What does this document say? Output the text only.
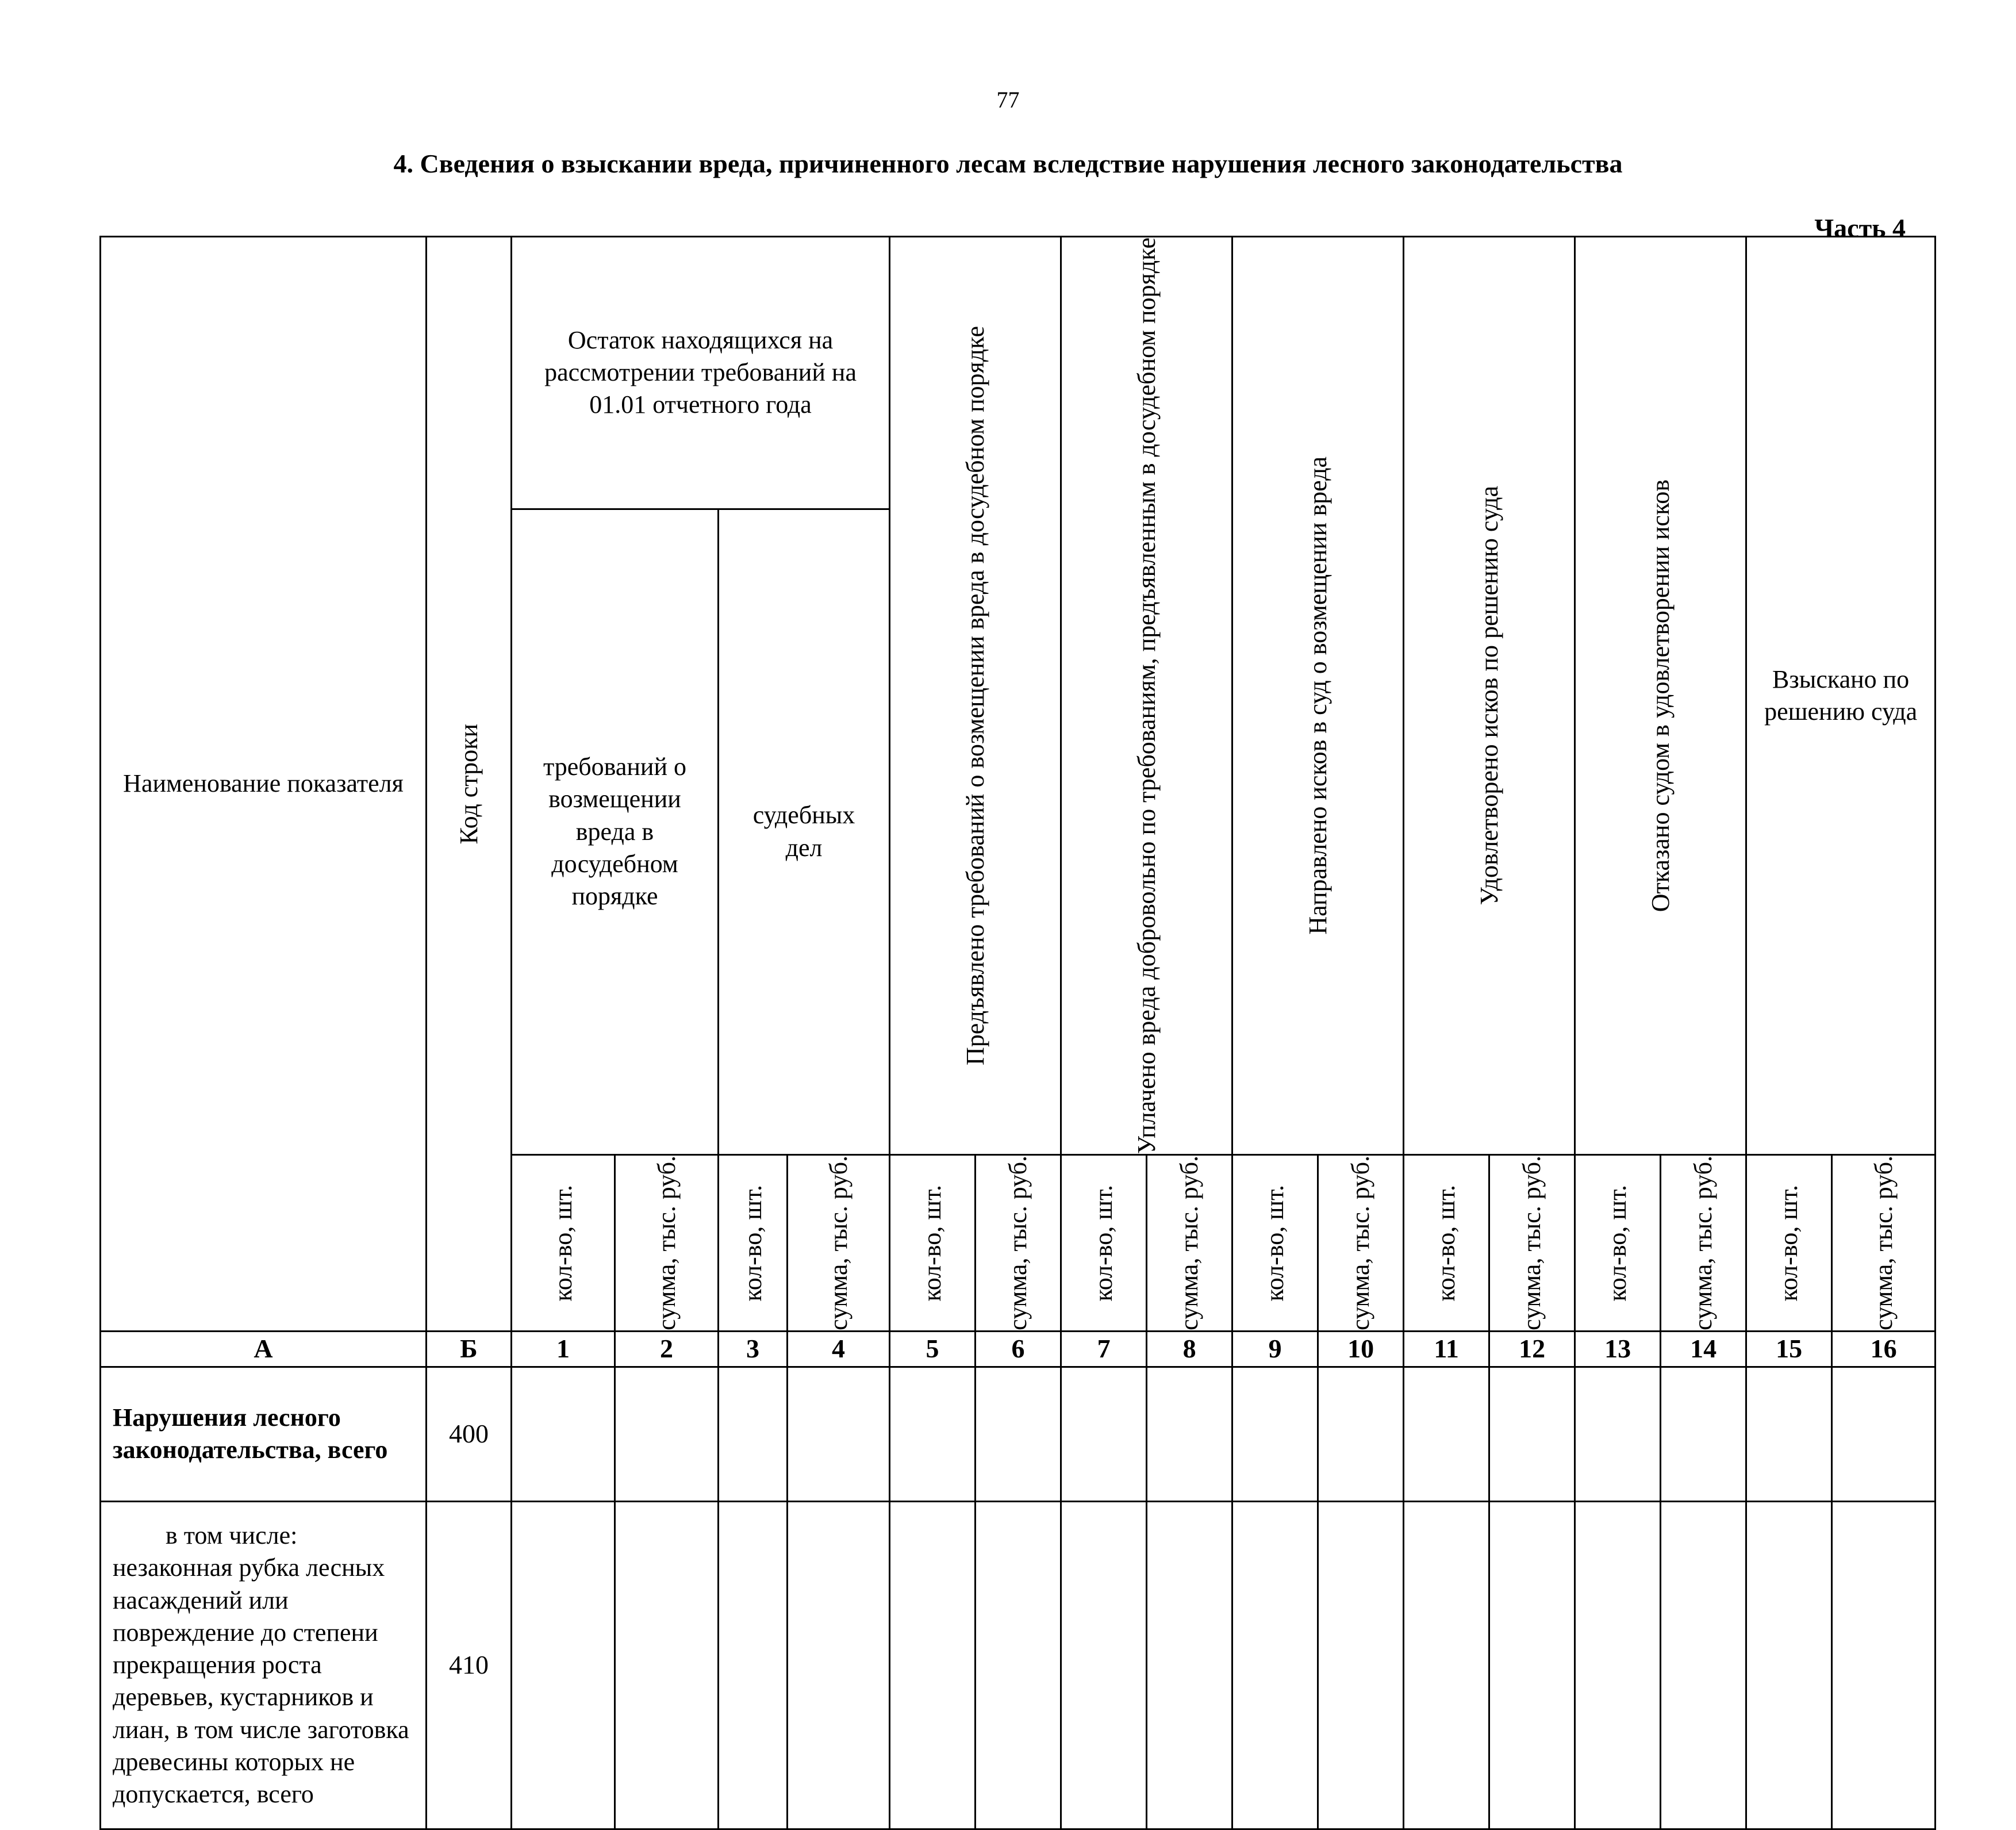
77
4. Сведения о взыскании вреда, причиненного лесам вследствие нарушения лесного законодательства
Часть 4
Наименование показателя	Код строки	Остаток находящихся на рассмотрении требований на 01.01 отчетного года				Предъявлено требований о возмещении вреда в досудебном порядке		Уплачено вреда добровольно по требованиям, предъявленным в досудебном порядке		Направлено исков в суд о возмещении вреда		Удовлетворено исков по решению суда		Отказано судом в удовлетворении исков		Взыскано по решению суда	
		требований о возмещении вреда в досудебном порядке		судебных дел													

		кол-во, шт.	сумма, тыс. руб.	кол-во, шт.	сумма, тыс. руб.	кол-во, шт.	сумма, тыс. руб.	кол-во, шт.	сумма, тыс. руб.	кол-во, шт.	сумма, тыс. руб.	кол-во, шт.	сумма, тыс. руб.	кол-во, шт.	сумма, тыс. руб.	кол-во, шт.	сумма, тыс. руб.

А	Б	1	2	3	4	5	6	7	8	9	10	11	12	13	14	15	16
Нарушения лесного законодательства, всего	400																

в том числе:
незаконная рубка лесных насаждений или повреждение до степени прекращения роста деревьев, кустарников и лиан, в том числе заготовка древесины которых не допускается, всего	410																
